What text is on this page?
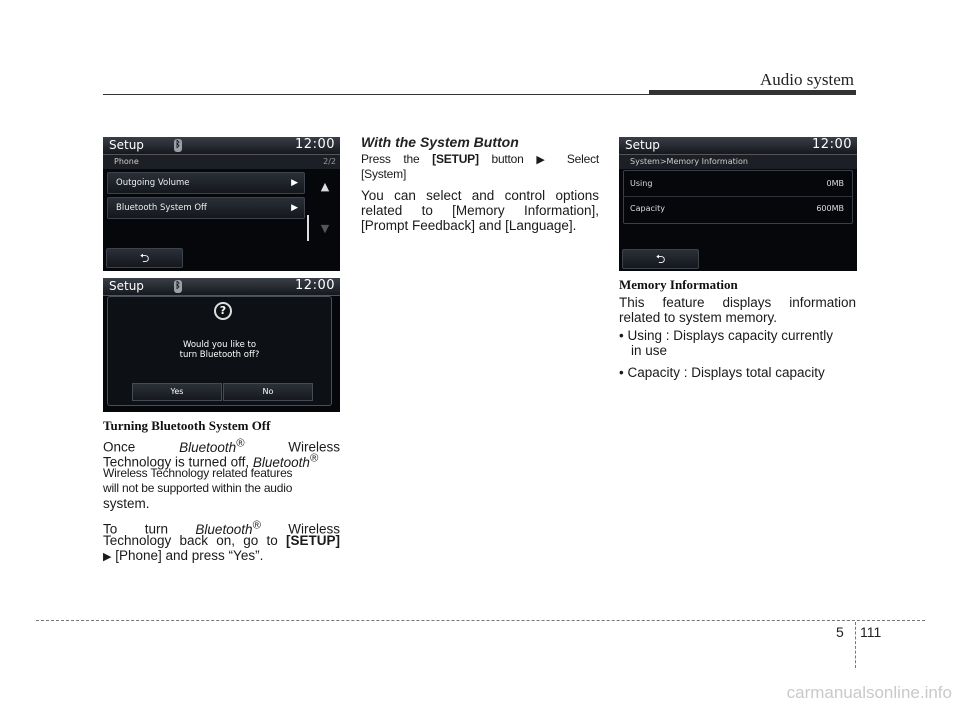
Audio system
Setup	ᛒ	12:00
Phone	2/2
Outgoing Volume	▶
Bluetooth System Off	▶
▲
▼
⮌
Setup	ᛒ	12:00
?
Would you like to
turn Bluetooth off?
Yes	No
Setup	12:00
System>Memory Information
Using	0MB
Capacity	600MB
⮌
Turning Bluetooth System Off
Once	Bluetooth®	Wireless
Technology is turned off, Bluetooth®
Wireless Technology related features
will not be supported within the audio
system.
To turn Bluetooth® Wireless
Technology back on, go to [SETUP]
▶ [Phone] and press “Yes”.
With the System Button
Press the [SETUP] button ▶ Select
[System]
You can select and control options
related to [Memory Information],
[Prompt Feedback] and [Language].
Memory Information
This feature displays information
related to system memory.
• Using : Displays capacity currently
in use
• Capacity : Displays total capacity
5 111
carmanualsonline.info
